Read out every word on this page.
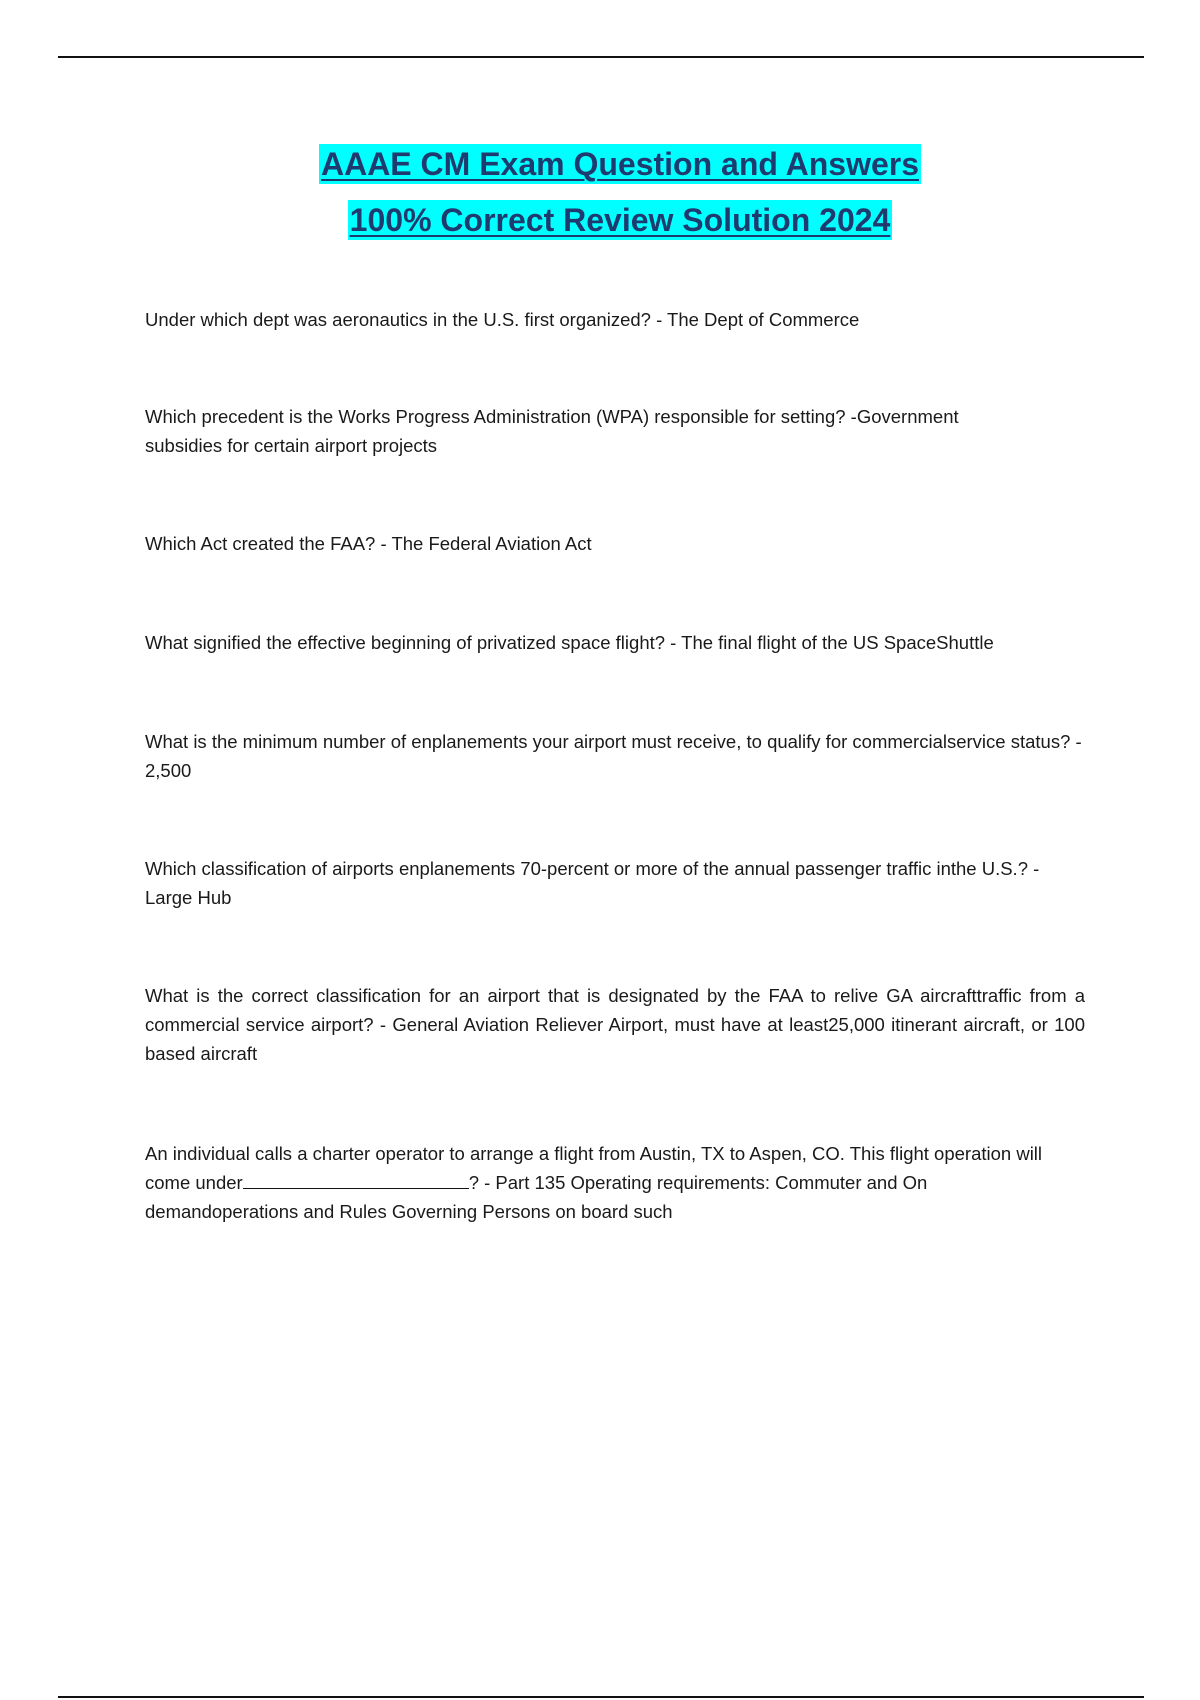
AAAE CM Exam Question and Answers
100% Correct Review Solution 2024

Under which dept was aeronautics in the U.S. first organized? - The Dept of Commerce

Which precedent is the Works Progress Administration (WPA) responsible for setting? -Government subsidies for certain airport projects

Which Act created the FAA? - The Federal Aviation Act

What signified the effective beginning of privatized space flight? - The final flight of the US SpaceShuttle

What is the minimum number of enplanements your airport must receive, to qualify for commercialservice status? - 2,500

Which classification of airports enplanements 70-percent or more of the annual passenger traffic inthe U.S.? - Large Hub

What is the correct classification for an airport that is designated by the FAA to relive GA aircrafttraffic from a commercial service airport? - General Aviation Reliever Airport, must have at least25,000 itinerant aircraft, or 100 based aircraft

An individual calls a charter operator to arrange a flight from Austin, TX to Aspen, CO. This flight operation will come under	? - Part 135 Operating requirements: Commuter and On demandoperations and Rules Governing Persons on board such
